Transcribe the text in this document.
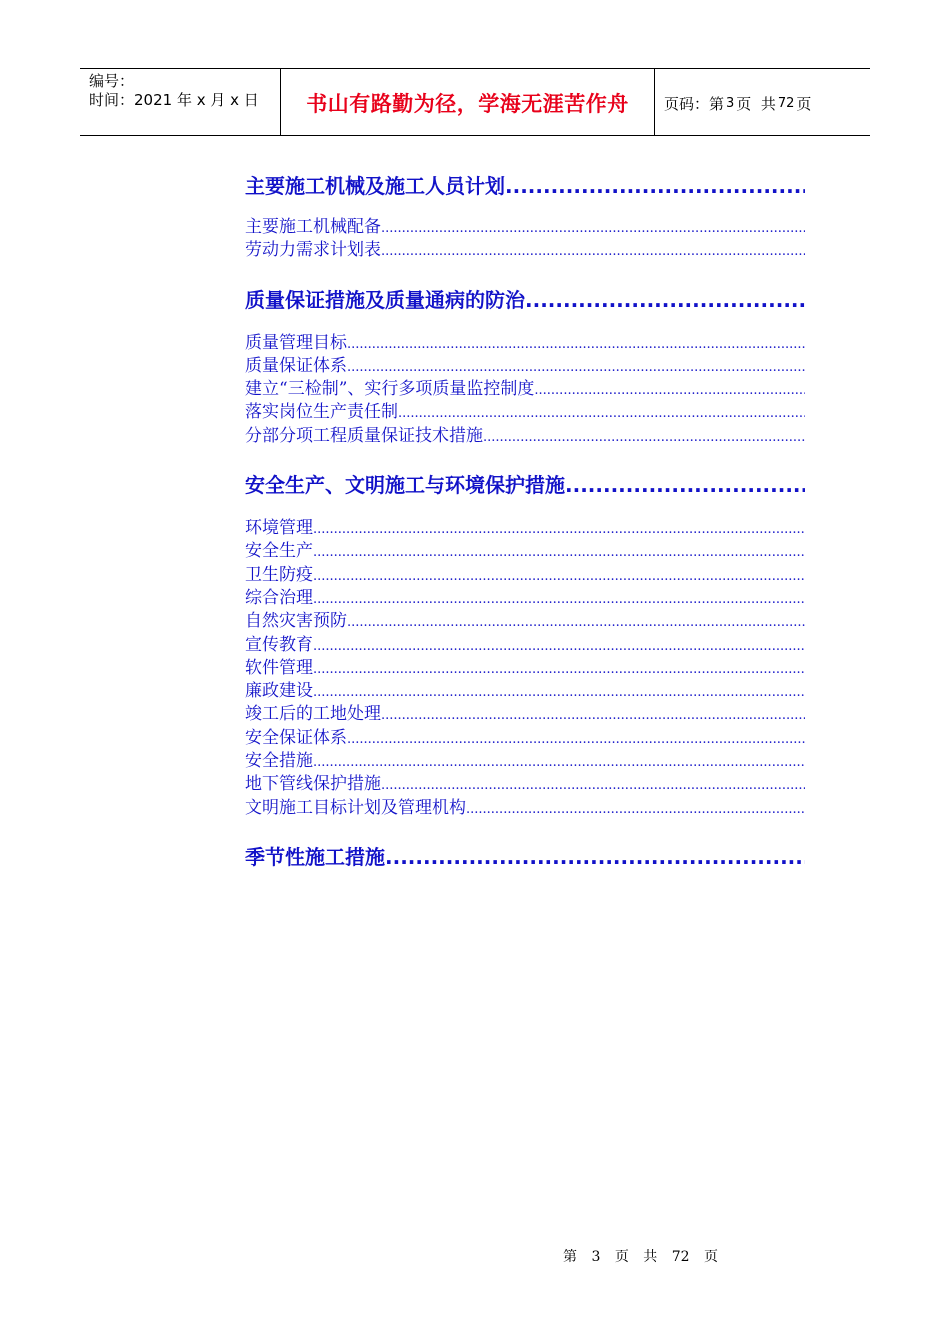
编号：
时间：2021 年 x 月 x 日	书山有路勤为径，学海无涯苦作舟 页码：第 3 页  共 72 页
主要施工机械及施工人员计划
.....
主要施工机械配备
.....
劳动力需求计划表
.....
质量保证措施及质量通病的防治
.....
质量管理目标
.....
质量保证体系
.....
建立“三检制”、实行多项质量监控制度
.....
落实岗位生产责任制
.....
分部分项工程质量保证技术措施
.....
安全生产、文明施工与环境保护措施
.....
环境管理
.....
安全生产
.....
卫生防疫
.....
综合治理
.....
自然灾害预防
.....
宣传教育
.....
软件管理
.....
廉政建设
.....
竣工后的工地处理
.....
安全保证体系
.....
安全措施
.....
地下管线保护措施
.....
文明施工目标计划及管理机构
.....
季节性施工措施
.....
第 3 页 共 72 页
